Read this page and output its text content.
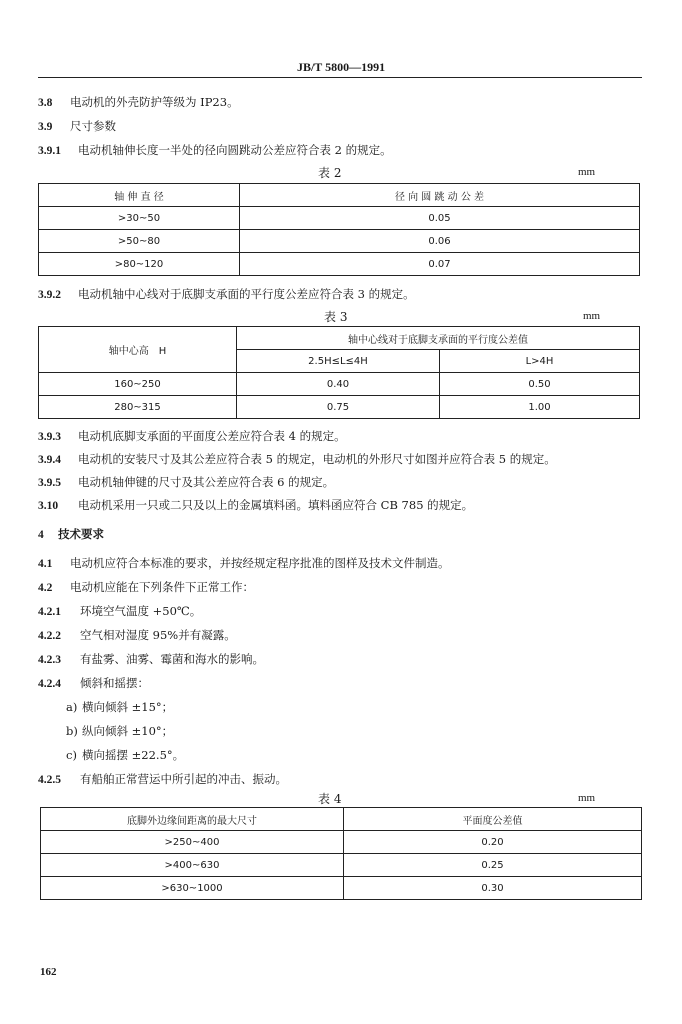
JB/T 5800—1991
3.8 电动机的外壳防护等级为 IP23。
3.9 尺寸参数
3.9.1 电动机轴伸长度一半处的径向圆跳动公差应符合表 2 的规定。
表 2	mm
轴 伸 直 径	径 向 圆 跳 动 公 差
>30~50	0.05
>50~80	0.06
>80~120	0.07
3.9.2 电动机轴中心线对于底脚支承面的平行度公差应符合表 3 的规定。
表 3	mm
轴中心高　H	轴中心线对于底脚支承面的平行度公差值	
	2.5H≤L≤4H	L>4H
160~250	0.40	0.50
280~315	0.75	1.00
3.9.3 电动机底脚支承面的平面度公差应符合表 4 的规定。
3.9.4 电动机的安装尺寸及其公差应符合表 5 的规定，电动机的外形尺寸如图并应符合表 5 的规定。
3.9.5 电动机轴伸键的尺寸及其公差应符合表 6 的规定。
3.10 电动机采用一只或二只及以上的金属填料函。填料函应符合 CB 785 的规定。
4 技术要求
4.1 电动机应符合本标准的要求，并按经规定程序批准的图样及技术文件制造。
4.2 电动机应能在下列条件下正常工作：
4.2.1 环境空气温度 +50℃。
4.2.2 空气相对湿度 95%并有凝露。
4.2.3 有盐雾、油雾、霉菌和海水的影响。
4.2.4 倾斜和摇摆：
a) 横向倾斜 ±15°；
b) 纵向倾斜 ±10°；
c) 横向摇摆 ±22.5°。
4.2.5 有船舶正常营运中所引起的冲击、振动。
表 4	mm
底脚外边缘间距离的最大尺寸	平面度公差值
>250~400	0.20
>400~630	0.25
>630~1000	0.30
162
